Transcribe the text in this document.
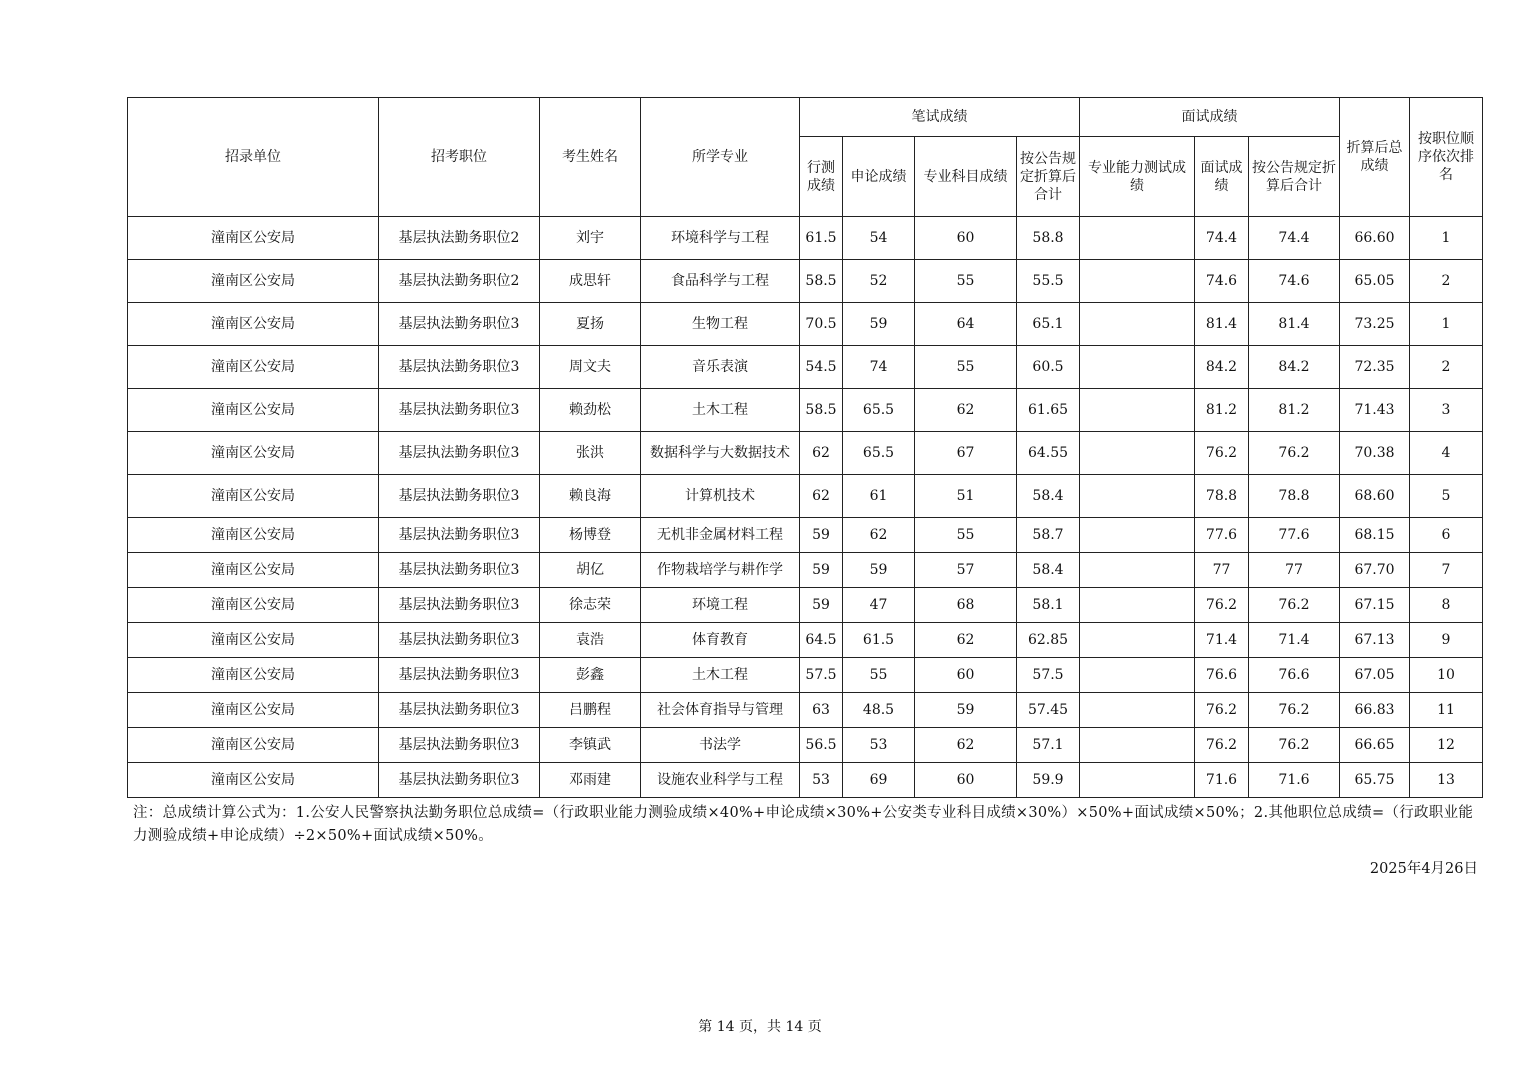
招录单位	招考职位	考生姓名	所学专业	笔试成绩				面试成绩			折算后总成绩	按职位顺序依次排名
				行测成绩	申论成绩	专业科目成绩	按公告规定折算后合计	专业能力测试成绩	面试成绩	按公告规定折算后合计		
潼南区公安局	基层执法勤务职位2	刘宇	环境科学与工程	61.5	54	60	58.8		74.4	74.4	66.60	1
潼南区公安局	基层执法勤务职位2	成思轩	食品科学与工程	58.5	52	55	55.5		74.6	74.6	65.05	2
潼南区公安局	基层执法勤务职位3	夏扬	生物工程	70.5	59	64	65.1		81.4	81.4	73.25	1
潼南区公安局	基层执法勤务职位3	周文夫	音乐表演	54.5	74	55	60.5		84.2	84.2	72.35	2
潼南区公安局	基层执法勤务职位3	赖劲松	土木工程	58.5	65.5	62	61.65		81.2	81.2	71.43	3
潼南区公安局	基层执法勤务职位3	张洪	数据科学与大数据技术	62	65.5	67	64.55		76.2	76.2	70.38	4
潼南区公安局	基层执法勤务职位3	赖良海	计算机技术	62	61	51	58.4		78.8	78.8	68.60	5
潼南区公安局	基层执法勤务职位3	杨博登	无机非金属材料工程	59	62	55	58.7		77.6	77.6	68.15	6
潼南区公安局	基层执法勤务职位3	胡亿	作物栽培学与耕作学	59	59	57	58.4		77	77	67.70	7
潼南区公安局	基层执法勤务职位3	徐志荣	环境工程	59	47	68	58.1		76.2	76.2	67.15	8
潼南区公安局	基层执法勤务职位3	袁浩	体育教育	64.5	61.5	62	62.85		71.4	71.4	67.13	9
潼南区公安局	基层执法勤务职位3	彭鑫	土木工程	57.5	55	60	57.5		76.6	76.6	67.05	10
潼南区公安局	基层执法勤务职位3	吕鹏程	社会体育指导与管理	63	48.5	59	57.45		76.2	76.2	66.83	11
潼南区公安局	基层执法勤务职位3	李镇武	书法学	56.5	53	62	57.1		76.2	76.2	66.65	12
潼南区公安局	基层执法勤务职位3	邓雨建	设施农业科学与工程	53	69	60	59.9		71.6	71.6	65.75	13
注：总成绩计算公式为：1.公安人民警察执法勤务职位总成绩=（行政职业能力测验成绩×40%+申论成绩×30%+公安类专业科目成绩×30%）×50%+面试成绩×50%；2.其他职位总成绩=（行政职业能力测验成绩+申论成绩）÷2×50%+面试成绩×50%。
2025年4月26日
第 14 页，共 14 页
